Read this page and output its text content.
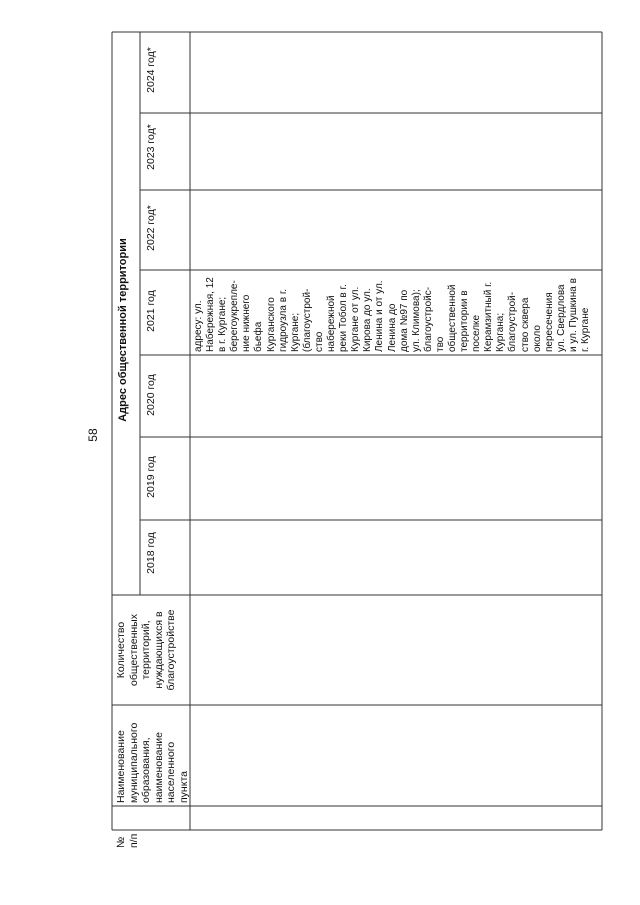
58
№
п/п
Наименование
муниципального
образования,
наименование
населенного пункта
Количество
общественных
территорий,
нуждающихся в
благоустройстве
Адрес общественной территории
2018 год
2019 год
2020 год
2021 год
2022 год*
2023 год*
2024 год*
адресу: ул.
Набережная, 12
в г. Кургане;
берегоукрепле-
ние нижнего
бьефа
Курганского
гидроузла в г.
Кургане;
(благоустрой-
ство
набережной
реки Тобол в г.
Кургане от ул.
Кирова до ул.
Ленина и от ул.
Ленина до
дома №97 по
ул. Климова);
благоустройс-
тво
общественной
территории в
поселке
Керамзитный г.
Кургана;
благоустрой-
ство сквера
около
пересечения
ул. Свердлова
и ул. Пушкина в
г. Кургане
